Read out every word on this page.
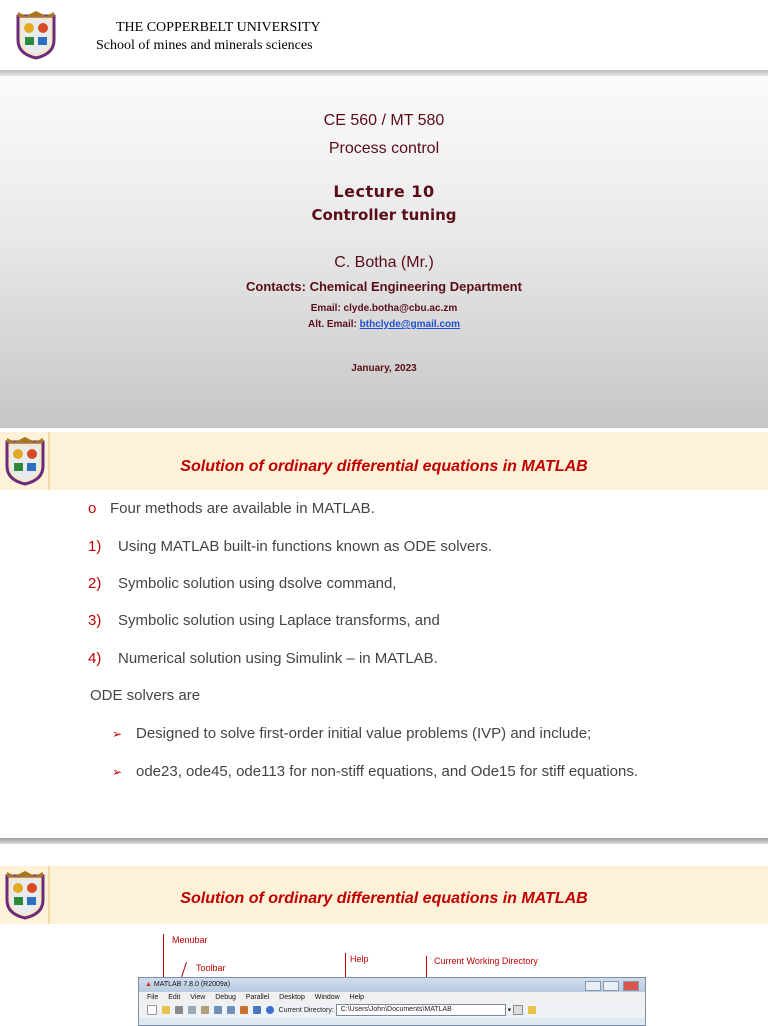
THE COPPERBELT UNIVERSITY
School of mines and minerals sciences
CE 560 / MT 580
Process control
Lecture 10
Controller tuning
C. Botha (Mr.)
Contacts: Chemical Engineering Department
Email: clyde.botha@cbu.ac.zm
Alt. Email: bthclyde@gmail.com
January, 2023
Solution of ordinary differential equations in MATLAB
o Four methods are available in MATLAB.
1) Using MATLAB built-in functions known as ODE solvers.
2) Symbolic solution using dsolve command,
3) Symbolic solution using Laplace transforms, and
4) Numerical solution using Simulink – in MATLAB.
ODE solvers are
➢ Designed to solve first-order initial value problems (IVP) and include;
➢ ode23, ode45, ode113 for non-stiff equations, and Ode15 for stiff equations.
Solution of ordinary differential equations in MATLAB
Menubar
Toolbar
Help	Current Working Directory
▲ MATLAB 7.8.0 (R2009a)
File Edit View Debug Parallel Desktop Window Help
Current Directory: C:\Users\John\Documents\MATLAB	▾
